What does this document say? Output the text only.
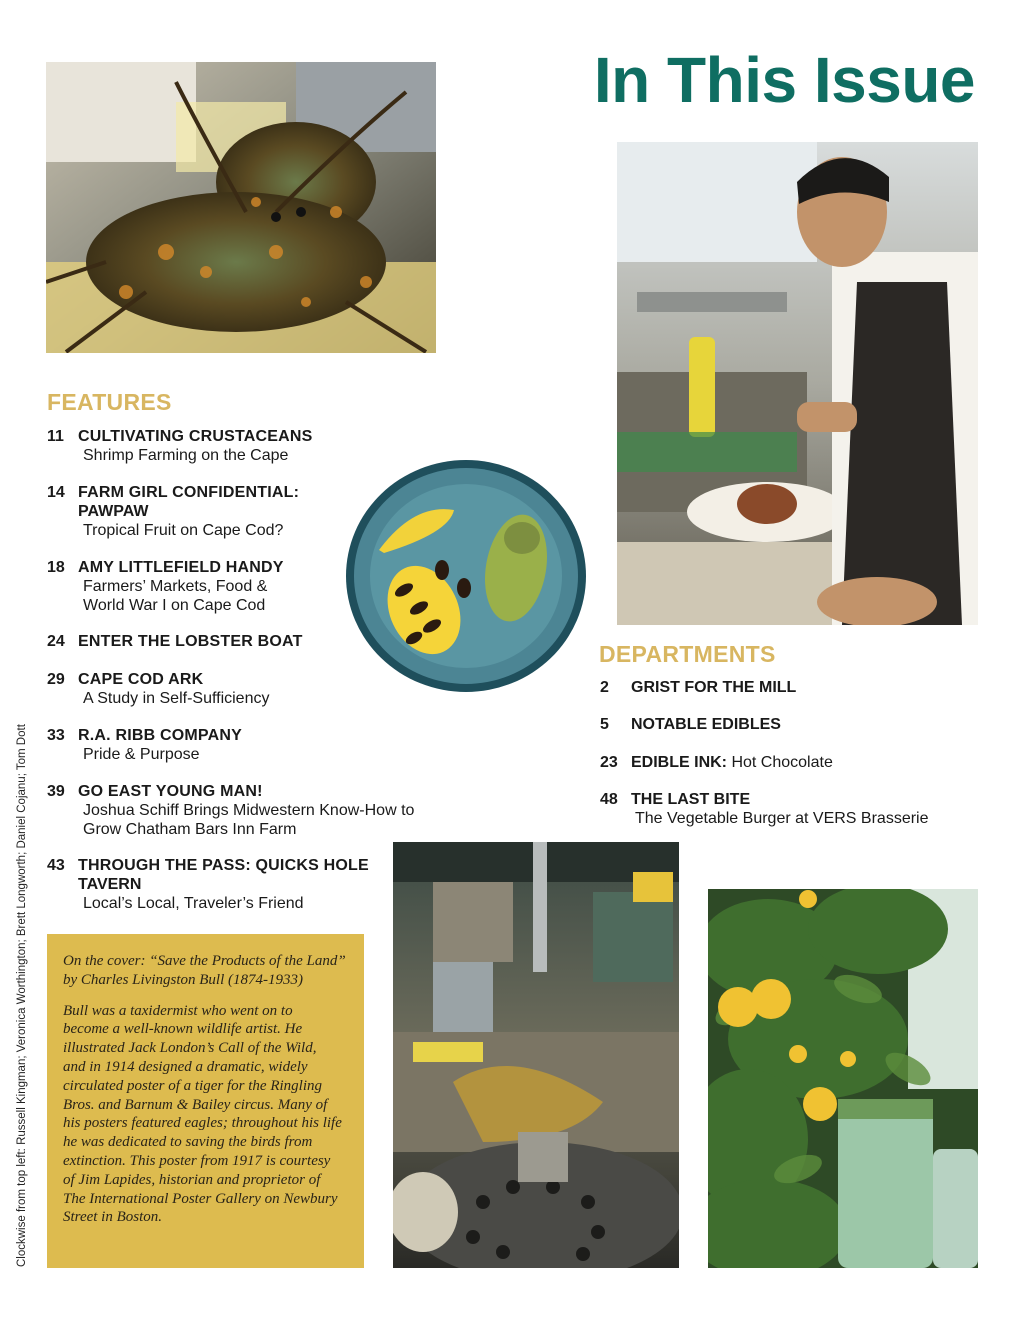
In This Issue
FEATURES
11 CULTIVATING CRUSTACEANS
Shrimp Farming on the Cape
14 FARM GIRL CONFIDENTIAL:
PAWPAW
Tropical Fruit on Cape Cod?
18 AMY LITTLEFIELD HANDY
Farmers’ Markets, Food &
World War I on Cape Cod
24 ENTER THE LOBSTER BOAT
29 CAPE COD ARK
A Study in Self-Sufficiency
33 R.A. RIBB COMPANY
Pride & Purpose
39 GO EAST YOUNG MAN!
Joshua Schiff Brings Midwestern Know-How to
Grow Chatham Bars Inn Farm
43 THROUGH THE PASS: QUICKS HOLE
TAVERN
Local’s Local, Traveler’s Friend
DEPARTMENTS
2 GRIST FOR THE MILL
5 NOTABLE EDIBLES
23 EDIBLE INK: Hot Chocolate
48 THE LAST BITE
The Vegetable Burger at VERS Brasserie

On the cover: “Save the Products of the Land”
by Charles Livingston Bull (1874-1933)

Bull was a taxidermist who went on to
become a well-known wildlife artist. He
illustrated Jack London’s Call of the Wild,
and in 1914 designed a dramatic, widely
circulated poster of a tiger for the Ringling
Bros. and Barnum & Bailey circus. Many of
his posters featured eagles; throughout his life
he was dedicated to saving the birds from
extinction. This poster from 1917 is courtesy
of Jim Lapides, historian and proprietor of
The International Poster Gallery on Newbury
Street in Boston.

Clockwise from top left: Russell Kingman; Veronica Worthington; Brett Longworth; Daniel Cojanu; Tom Dott
